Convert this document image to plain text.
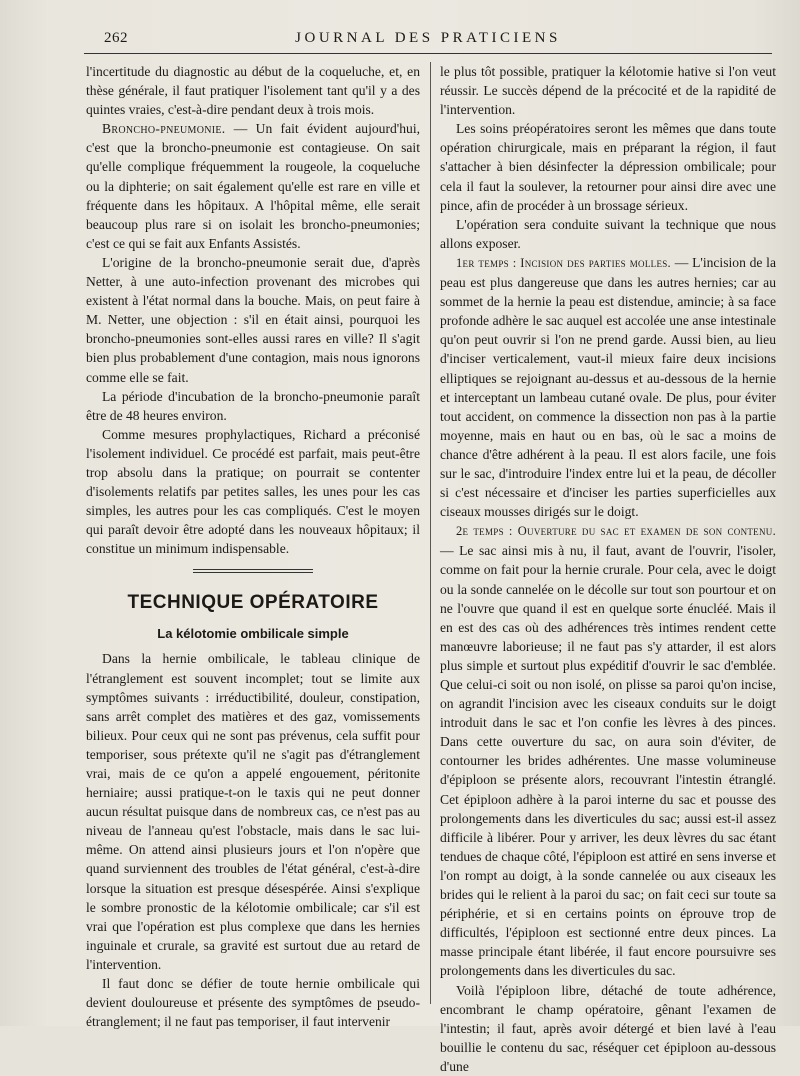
262	JOURNAL DES PRATICIENS

l'incertitude du diagnostic au début de la coqueluche, et, en thèse générale, il faut pratiquer l'isolement tant qu'il y a des quintes vraies, c'est-à-dire pendant deux à trois mois.

Broncho-pneumonie. — Un fait évident aujourd'hui, c'est que la broncho-pneumonie est contagieuse. On sait qu'elle complique fréquemment la rougeole, la coqueluche ou la diphterie; on sait également qu'elle est rare en ville et fréquente dans les hôpitaux. A l'hôpital même, elle serait beaucoup plus rare si on isolait les broncho-pneumonies; c'est ce qui se fait aux Enfants Assistés.

L'origine de la broncho-pneumonie serait due, d'après Netter, à une auto-infection provenant des microbes qui existent à l'état normal dans la bouche. Mais, on peut faire à M. Netter, une objection : s'il en était ainsi, pourquoi les broncho-pneumonies sont-elles aussi rares en ville? Il s'agit bien plus probablement d'une contagion, mais nous ignorons comme elle se fait.

La période d'incubation de la broncho-pneumonie paraît être de 48 heures environ.

Comme mesures prophylactiques, Richard a préconisé l'isolement individuel. Ce procédé est parfait, mais peut-être trop absolu dans la pratique; on pourrait se contenter d'isolements relatifs par petites salles, les unes pour les cas simples, les autres pour les cas compliqués. C'est le moyen qui paraît devoir être adopté dans les nouveaux hôpitaux; il constitue un minimum indispensable.

TECHNIQUE OPÉRATOIRE
La kélotomie ombilicale simple

Dans la hernie ombilicale, le tableau clinique de l'étranglement est souvent incomplet; tout se limite aux symptômes suivants : irréductibilité, douleur, constipation, sans arrêt complet des matières et des gaz, vomissements bilieux. Pour ceux qui ne sont pas prévenus, cela suffit pour temporiser, sous prétexte qu'il ne s'agit pas d'étranglement vrai, mais de ce qu'on a appelé engouement, péritonite herniaire; aussi pratique-t-on le taxis qui ne peut donner aucun résultat puisque dans de nombreux cas, ce n'est pas au niveau de l'anneau qu'est l'obstacle, mais dans le sac lui-même. On attend ainsi plusieurs jours et l'on n'opère que quand surviennent des troubles de l'état général, c'est-à-dire lorsque la situation est presque désespérée. Ainsi s'explique le sombre pronostic de la kélotomie ombilicale; car s'il est vrai que l'opération est plus complexe que dans les hernies inguinale et crurale, sa gravité est surtout due au retard de l'intervention.

Il faut donc se défier de toute hernie ombilicale qui devient douloureuse et présente des symptômes de pseudo-étranglement; il ne faut pas temporiser, il faut intervenir

le plus tôt possible, pratiquer la kélotomie hative si l'on veut réussir. Le succès dépend de la précocité et de la rapidité de l'intervention.

Les soins préopératoires seront les mêmes que dans toute opération chirurgicale, mais en préparant la région, il faut s'attacher à bien désinfecter la dépression ombilicale; pour cela il faut la soulever, la retourner pour ainsi dire avec une pince, afin de procéder à un brossage sérieux.

L'opération sera conduite suivant la technique que nous allons exposer.

1er temps : Incision des parties molles. — L'incision de la peau est plus dangereuse que dans les autres hernies; car au sommet de la hernie la peau est distendue, amincie; à sa face profonde adhère le sac auquel est accolée une anse intestinale qu'on peut ouvrir si l'on ne prend garde. Aussi bien, au lieu d'inciser verticalement, vaut-il mieux faire deux incisions elliptiques se rejoignant au-dessus et au-dessous de la hernie et interceptant un lambeau cutané ovale. De plus, pour éviter tout accident, on commence la dissection non pas à la partie moyenne, mais en haut ou en bas, où le sac a moins de chance d'être adhérent à la peau. Il est alors facile, une fois sur le sac, d'introduire l'index entre lui et la peau, de décoller si c'est nécessaire et d'inciser les parties superficielles aux ciseaux mousses dirigés sur le doigt.

2e temps : Ouverture du sac et examen de son contenu. — Le sac ainsi mis à nu, il faut, avant de l'ouvrir, l'isoler, comme on fait pour la hernie crurale. Pour cela, avec le doigt ou la sonde cannelée on le décolle sur tout son pourtour et on ne l'ouvre que quand il est en quelque sorte énucléé. Mais il en est des cas où des adhérences très intimes rendent cette manœuvre laborieuse; il ne faut pas s'y attarder, il est alors plus simple et surtout plus expéditif d'ouvrir le sac d'emblée. Que celui-ci soit ou non isolé, on plisse sa paroi qu'on incise, on agrandit l'incision avec les ciseaux conduits sur le doigt introduit dans le sac et l'on confie les lèvres à des pinces. Dans cette ouverture du sac, on aura soin d'éviter, de contourner les brides adhérentes. Une masse volumineuse d'épiploon se présente alors, recouvrant l'intestin étranglé. Cet épiploon adhère à la paroi interne du sac et pousse des prolongements dans les diverticules du sac; aussi est-il assez difficile à libérer. Pour y arriver, les deux lèvres du sac étant tendues de chaque côté, l'épiploon est attiré en sens inverse et l'on rompt au doigt, à la sonde cannelée ou aux ciseaux les brides qui le relient à la paroi du sac; on fait ceci sur toute sa périphérie, et si en certains points on éprouve trop de difficultés, l'épiploon est sectionné entre deux pinces. La masse principale étant libérée, il faut encore poursuivre ses prolongements dans les diverticules du sac.

Voilà l'épiploon libre, détaché de toute adhérence, encombrant le champ opératoire, gênant l'examen de l'intestin; il faut, après avoir détergé et bien lavé à l'eau bouillie le contenu du sac, réséquer cet épiploon au-dessous d'une
